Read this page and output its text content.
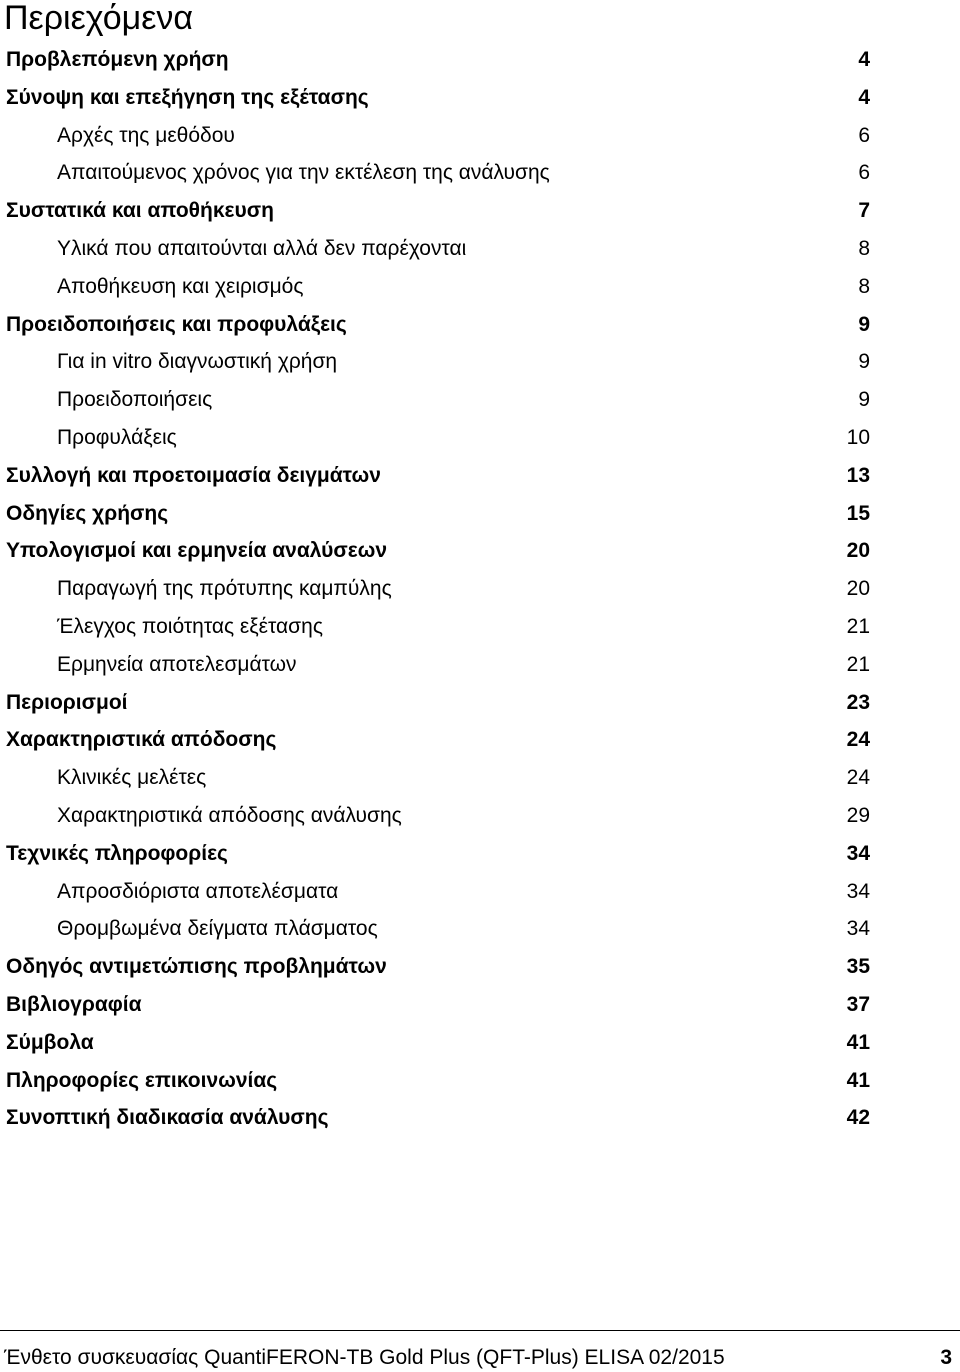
Περιεχόμενα
Προβλεπόμενη χρήση	4
Σύνοψη και επεξήγηση της εξέτασης	4
Αρχές της μεθόδου	6
Απαιτούμενος χρόνος για την εκτέλεση της ανάλυσης	6
Συστατικά και αποθήκευση	7
Υλικά που απαιτούνται αλλά δεν παρέχονται	8
Αποθήκευση και χειρισμός	8
Προειδοποιήσεις και προφυλάξεις	9
Για in vitro διαγνωστική χρήση	9
Προειδοποιήσεις	9
Προφυλάξεις	10
Συλλογή και προετοιμασία δειγμάτων	13
Οδηγίες χρήσης	15
Υπολογισμοί και ερμηνεία αναλύσεων	20
Παραγωγή της πρότυπης καμπύλης	20
Έλεγχος ποιότητας εξέτασης	21
Ερμηνεία αποτελεσμάτων	21
Περιορισμοί	23
Χαρακτηριστικά απόδοσης	24
Κλινικές μελέτες	24
Χαρακτηριστικά απόδοσης ανάλυσης	29
Τεχνικές πληροφορίες	34
Απροσδιόριστα αποτελέσματα	34
Θρομβωμένα δείγματα πλάσματος	34
Οδηγός αντιμετώπισης προβλημάτων	35
Βιβλιογραφία	37
Σύμβολα	41
Πληροφορίες επικοινωνίας	41
Συνοπτική διαδικασία ανάλυσης	42
Ένθετο συσκευασίας QuantiFERON-TB Gold Plus (QFT-Plus) ELISA 02/2015	3
